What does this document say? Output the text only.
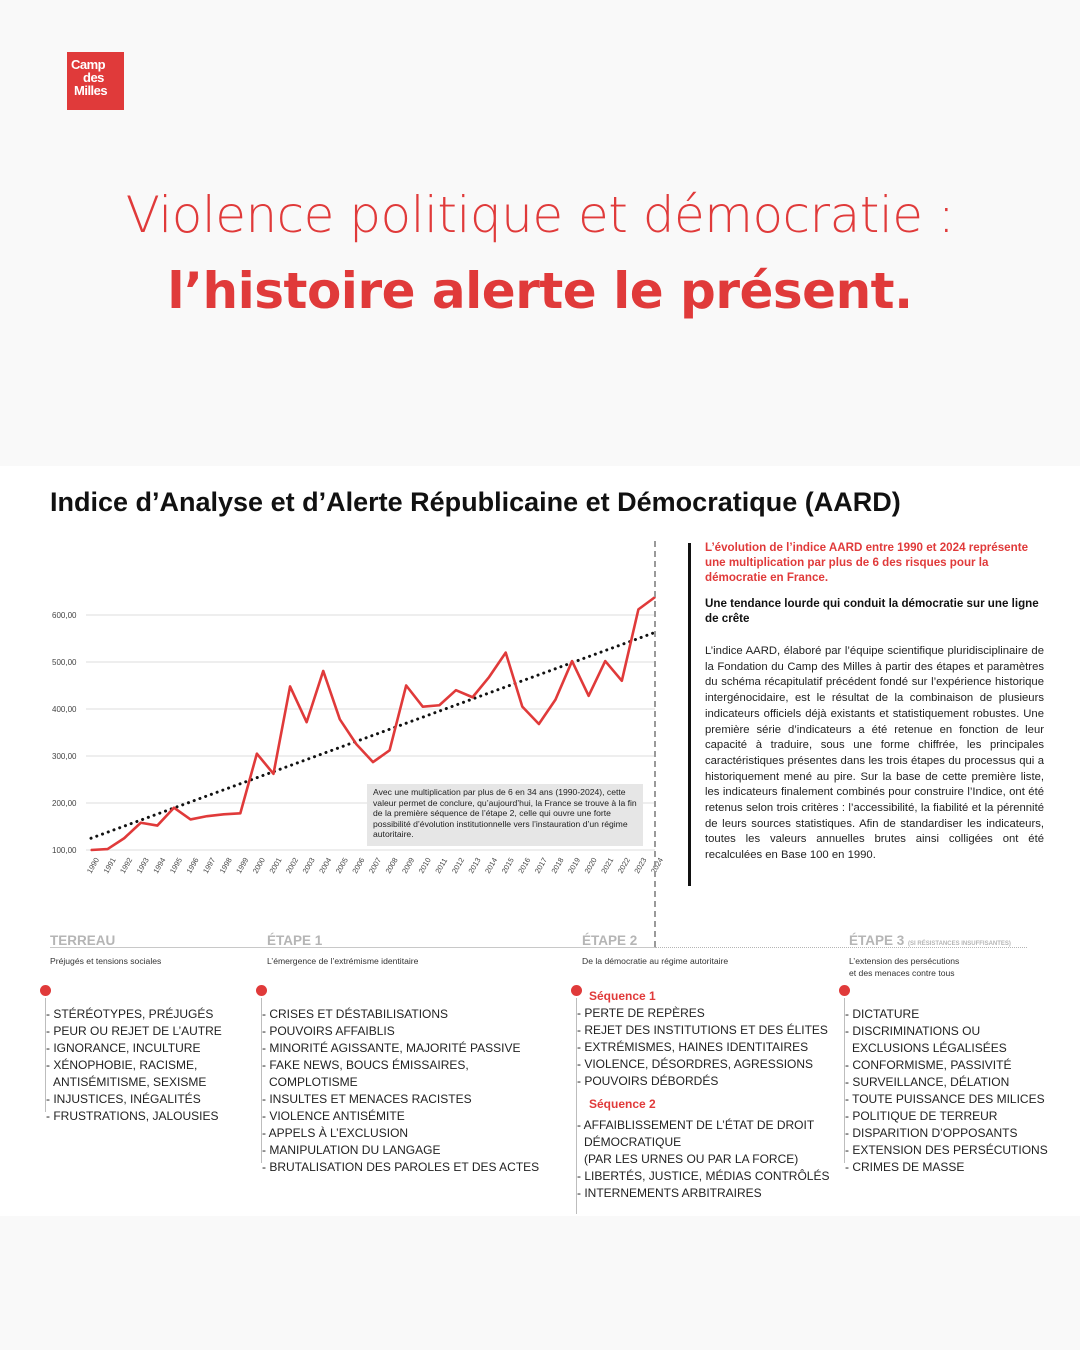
Camp
des
Milles
Violence politique et démocratie :
l’histoire alerte le présent.
Indice d’Analyse et d’Alerte Républicaine et Démocratique (AARD)
100,00
200,00
300,00
400,00
500,00
600,00
1990 1991 1992 1993 1994 1995 1996 1997 1998 1999 2000 2001 2002 2003 2004 2005 2006 2007 2008 2009 2010 2011 2012 2013 2014 2015 2016 2017 2018 2019 2020 2021 2022 2023 2024
Avec une multiplication par plus de 6 en 34 ans (1990-2024), cette valeur permet de conclure, qu’aujourd’hui, la France se trouve à la fin de la première séquence de l’étape 2, celle qui ouvre une forte possibilité d’évolution institutionnelle vers l’instauration d’un régime autoritaire.
L’évolution de l’indice AARD entre 1990 et 2024 représente une multiplication par plus de 6 des risques pour la démocratie en France.
Une tendance lourde qui conduit la démocratie sur une ligne de crête
L’indice AARD, élaboré par l’équipe scientifique pluridisciplinaire de la Fondation du Camp des Milles à partir des étapes et paramètres du schéma récapitulatif précédent fondé sur l’expérience historique intergénocidaire, est le résultat de la combinaison de plusieurs indicateurs officiels déjà existants et statistiquement robustes. Une première série d’indicateurs a été retenue en fonction de leur capacité à traduire, sous une forme chiffrée, les principales caractéristiques présentes dans les trois étapes du processus qui a historiquement mené au pire. Sur la base de cette première liste, les indicateurs finalement combinés pour construire l’Indice, ont été retenus selon trois critères : l’accessibilité, la fiabilité et la pérennité de leurs sources statistiques. Afin de standardiser les indicateurs, toutes les valeurs annuelles brutes ainsi colligées ont été recalculées en Base 100 en 1990.
TERREAU
Préjugés et tensions sociales
ÉTAPE 1
L’émergence de l’extrémisme identitaire
ÉTAPE 2
De la démocratie au régime autoritaire
ÉTAPE 3 (SI RÉSISTANCES INSUFFISANTES)
L’extension des persécutions
et des menaces contre tous
- STÉRÉOTYPES, PRÉJUGÉS
- PEUR OU REJET DE L’AUTRE
- IGNORANCE, INCULTURE
- XÉNOPHOBIE, RACISME,
ANTISÉMITISME, SEXISME
- INJUSTICES, INÉGALITÉS
- FRUSTRATIONS, JALOUSIES
- CRISES ET DÉSTABILISATIONS
- POUVOIRS AFFAIBLIS
- MINORITÉ AGISSANTE, MAJORITÉ PASSIVE
- FAKE NEWS, BOUCS ÉMISSAIRES,
COMPLOTISME
- INSULTES ET MENACES RACISTES
- VIOLENCE ANTISÉMITE
- APPELS À L’EXCLUSION
- MANIPULATION DU LANGAGE
- BRUTALISATION DES PAROLES ET DES ACTES
Séquence 1
- PERTE DE REPÈRES
- REJET DES INSTITUTIONS ET DES ÉLITES
- EXTRÉMISMES, HAINES IDENTITAIRES
- VIOLENCE, DÉSORDRES, AGRESSIONS
- POUVOIRS DÉBORDÉS
Séquence 2
- AFFAIBLISSEMENT DE L’ÉTAT DE DROIT
DÉMOCRATIQUE
(PAR LES URNES OU PAR LA FORCE)
- LIBERTÉS, JUSTICE, MÉDIAS CONTRÔLÉS
- INTERNEMENTS ARBITRAIRES
- DICTATURE
- DISCRIMINATIONS OU
EXCLUSIONS LÉGALISÉES
- CONFORMISME, PASSIVITÉ
- SURVEILLANCE, DÉLATION
- TOUTE PUISSANCE DES MILICES
- POLITIQUE DE TERREUR
- DISPARITION D’OPPOSANTS
- EXTENSION DES PERSÉCUTIONS
- CRIMES DE MASSE
